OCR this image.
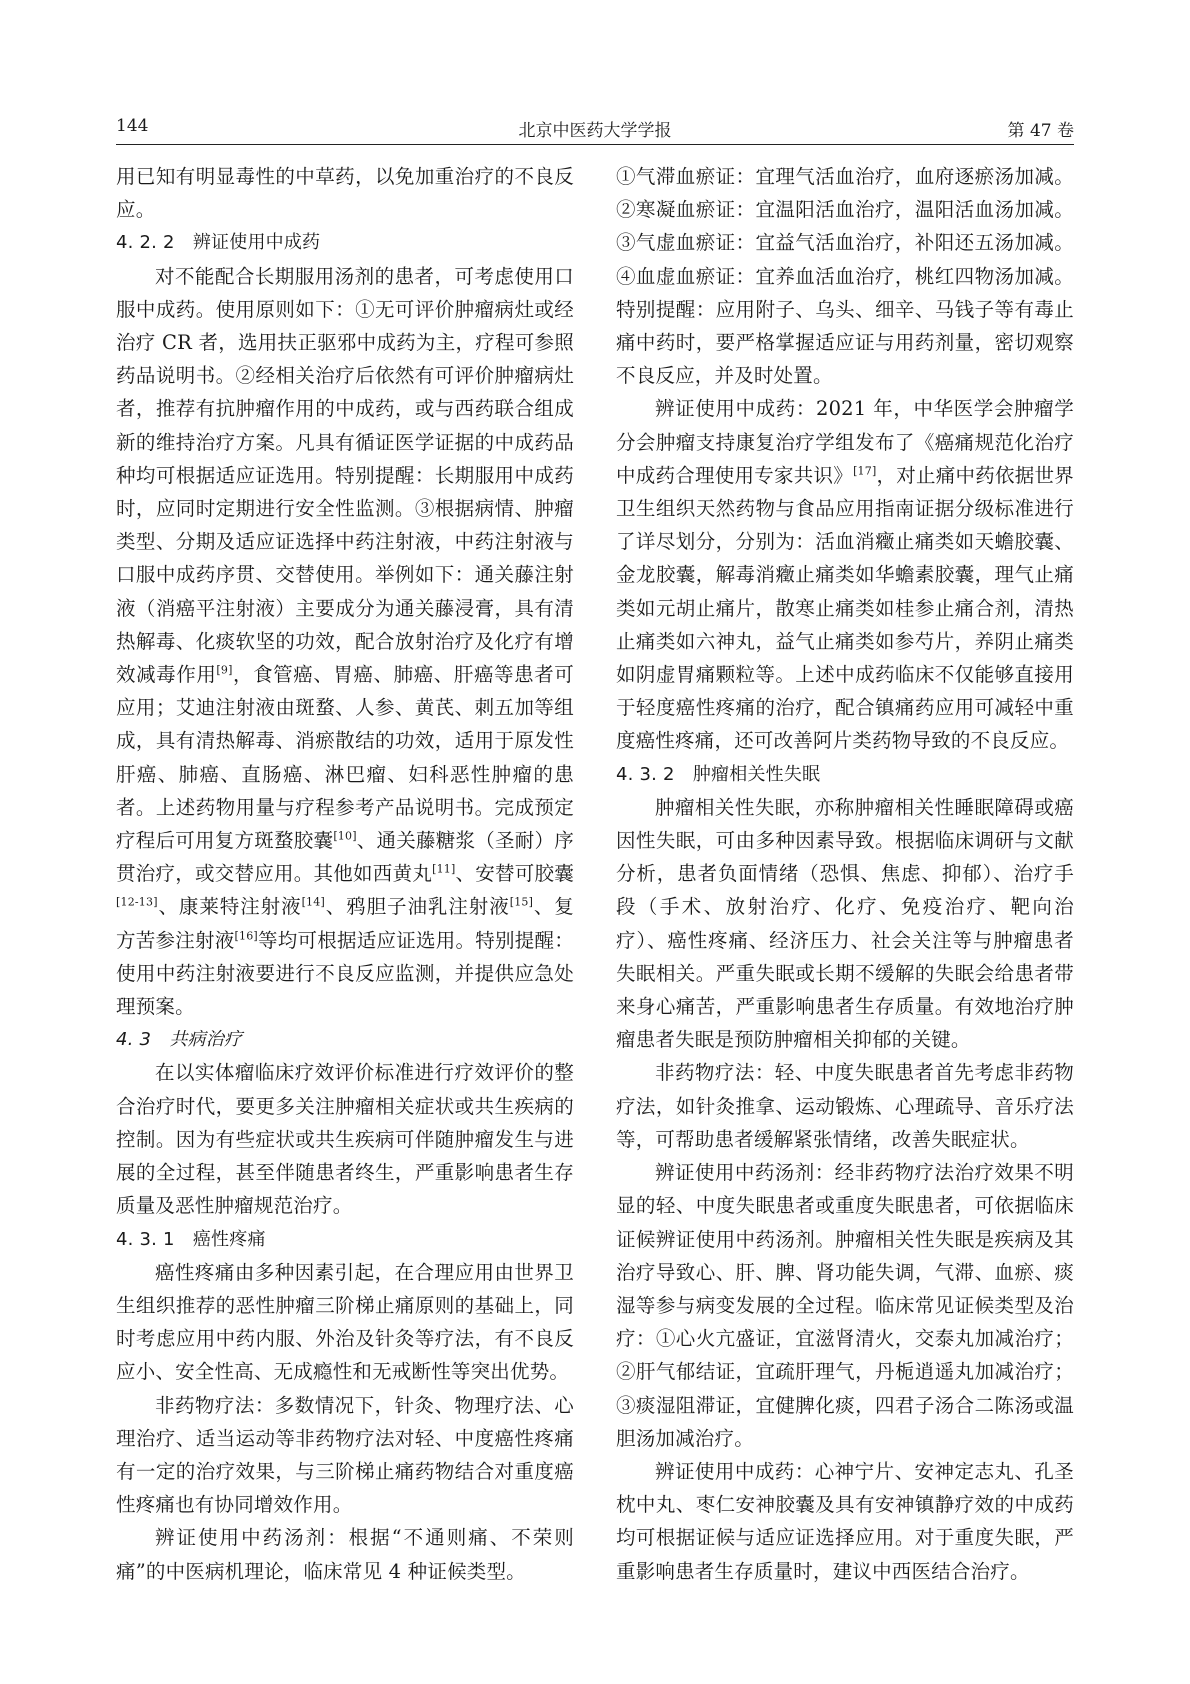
144	北京中医药大学学报	第 47 卷

用已知有明显毒性的中草药，以免加重治疗的不良反应。

4. 2. 2　辨证使用中成药

对不能配合长期服用汤剂的患者，可考虑使用口服中成药。使用原则如下：①无可评价肿瘤病灶或经治疗 CR 者，选用扶正驱邪中成药为主，疗程可参照药品说明书。②经相关治疗后依然有可评价肿瘤病灶者，推荐有抗肿瘤作用的中成药，或与西药联合组成新的维持治疗方案。凡具有循证医学证据的中成药品种均可根据适应证选用。特别提醒：长期服用中成药时，应同时定期进行安全性监测。③根据病情、肿瘤类型、分期及适应证选择中药注射液，中药注射液与口服中成药序贯、交替使用。举例如下：通关藤注射液（消癌平注射液）主要成分为通关藤浸膏，具有清热解毒、化痰软坚的功效，配合放射治疗及化疗有增效减毒作用[9]，食管癌、胃癌、肺癌、肝癌等患者可应用；艾迪注射液由斑蝥、人参、黄芪、刺五加等组成，具有清热解毒、消瘀散结的功效，适用于原发性肝癌、肺癌、直肠癌、淋巴瘤、妇科恶性肿瘤的患者。上述药物用量与疗程参考产品说明书。完成预定疗程后可用复方斑蝥胶囊[10]、通关藤糖浆（圣耐）序贯治疗，或交替应用。其他如西黄丸[11]、安替可胶囊[12-13]、康莱特注射液[14]、鸦胆子油乳注射液[15]、复方苦参注射液[16]等均可根据适应证选用。特别提醒：使用中药注射液要进行不良反应监测，并提供应急处理预案。

4. 3　共病治疗

在以实体瘤临床疗效评价标准进行疗效评价的整合治疗时代，要更多关注肿瘤相关症状或共生疾病的控制。因为有些症状或共生疾病可伴随肿瘤发生与进展的全过程，甚至伴随患者终生，严重影响患者生存质量及恶性肿瘤规范治疗。

4. 3. 1　癌性疼痛

癌性疼痛由多种因素引起，在合理应用由世界卫生组织推荐的恶性肿瘤三阶梯止痛原则的基础上，同时考虑应用中药内服、外治及针灸等疗法，有不良反应小、安全性高、无成瘾性和无戒断性等突出优势。

非药物疗法：多数情况下，针灸、物理疗法、心理治疗、适当运动等非药物疗法对轻、中度癌性疼痛有一定的治疗效果，与三阶梯止痛药物结合对重度癌性疼痛也有协同增效作用。

辨证使用中药汤剂：根据“不通则痛、不荣则痛”的中医病机理论，临床常见 4 种证候类型。

①气滞血瘀证：宜理气活血治疗，血府逐瘀汤加减。②寒凝血瘀证：宜温阳活血治疗，温阳活血汤加减。③气虚血瘀证：宜益气活血治疗，补阳还五汤加减。④血虚血瘀证：宜养血活血治疗，桃红四物汤加减。特别提醒：应用附子、乌头、细辛、马钱子等有毒止痛中药时，要严格掌握适应证与用药剂量，密切观察不良反应，并及时处置。

辨证使用中成药：2021 年，中华医学会肿瘤学分会肿瘤支持康复治疗学组发布了《癌痛规范化治疗中成药合理使用专家共识》[17]，对止痛中药依据世界卫生组织天然药物与食品应用指南证据分级标准进行了详尽划分，分别为：活血消癥止痛类如天蟾胶囊、金龙胶囊，解毒消癥止痛类如华蟾素胶囊，理气止痛类如元胡止痛片，散寒止痛类如桂参止痛合剂，清热止痛类如六神丸，益气止痛类如参芍片，养阴止痛类如阴虚胃痛颗粒等。上述中成药临床不仅能够直接用于轻度癌性疼痛的治疗，配合镇痛药应用可减轻中重度癌性疼痛，还可改善阿片类药物导致的不良反应。

4. 3. 2　肿瘤相关性失眠

肿瘤相关性失眠，亦称肿瘤相关性睡眠障碍或癌因性失眠，可由多种因素导致。根据临床调研与文献分析，患者负面情绪（恐惧、焦虑、抑郁）、治疗手段（手术、放射治疗、化疗、免疫治疗、靶向治疗）、癌性疼痛、经济压力、社会关注等与肿瘤患者失眠相关。严重失眠或长期不缓解的失眠会给患者带来身心痛苦，严重影响患者生存质量。有效地治疗肿瘤患者失眠是预防肿瘤相关抑郁的关键。

非药物疗法：轻、中度失眠患者首先考虑非药物疗法，如针灸推拿、运动锻炼、心理疏导、音乐疗法等，可帮助患者缓解紧张情绪，改善失眠症状。

辨证使用中药汤剂：经非药物疗法治疗效果不明显的轻、中度失眠患者或重度失眠患者，可依据临床证候辨证使用中药汤剂。肿瘤相关性失眠是疾病及其治疗导致心、肝、脾、肾功能失调，气滞、血瘀、痰湿等参与病变发展的全过程。临床常见证候类型及治疗：①心火亢盛证，宜滋肾清火，交泰丸加减治疗；②肝气郁结证，宜疏肝理气，丹栀逍遥丸加减治疗；③痰湿阻滞证，宜健脾化痰，四君子汤合二陈汤或温胆汤加减治疗。

辨证使用中成药：心神宁片、安神定志丸、孔圣枕中丸、枣仁安神胶囊及具有安神镇静疗效的中成药均可根据证候与适应证选择应用。对于重度失眠，严重影响患者生存质量时，建议中西医结合治疗。
